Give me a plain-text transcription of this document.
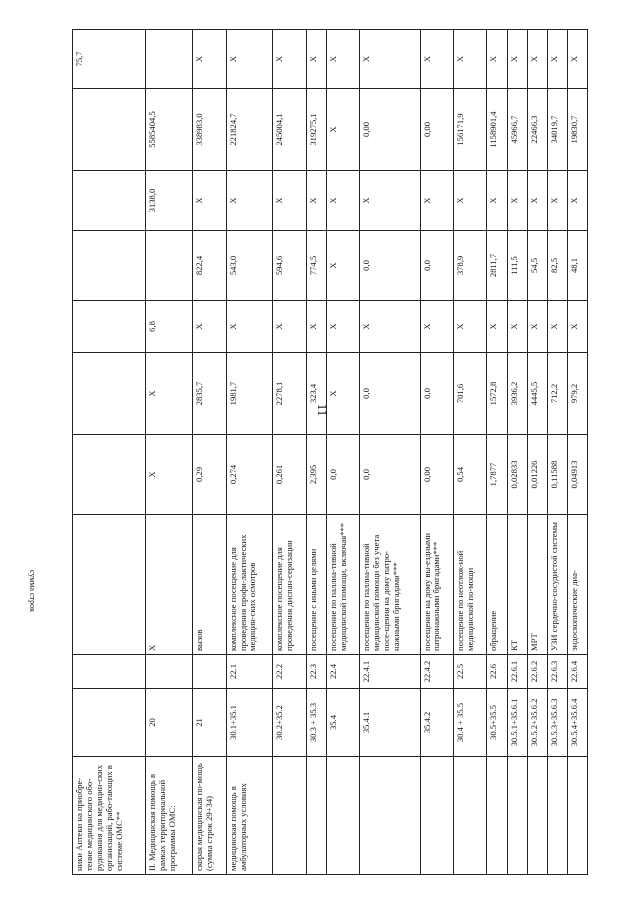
11
сумма строк
ники Аптеки на приобре-тение медицинского обо-рудования для медицин-ских организаций, рабо-тающих в системе ОМС**										75,7
II. Медицинская помощь в рамках территориальной программы ОМС:	20		X	X	X	6,8		3138,0	5585404,5	
скорая медицинская по-мощь (сумма строк 29+34)	21		вызов	0,29	2835,7	X	822,4	X	338983,0	X
медицинская помощь в амбулаторных условиях	30.1+35.1	22.1	комплексное посещение для проведения профи-лактических медицин-ских осмотров	0,274	1981,7	X	543,0	X	221824,7	X
	30.2+35.2	22.2	комплексное посещение для проведения диспан-серизации	0,261	2278,1	X	594,6	X	245004,1	X
	30.3 + 35.3	22.3	посещение с иными целями	2,395	323,4	X	774,5	X	319275,1	X
	35.4	22.4	посещение по паллиа-тивной медицинской помощи, включая***	0,0	X	X	X	X	X	X
	35.4.1	22.4.1	посещение по паллиа-тивной медицинской помощи без учета посе-щения на дому патро-нажными бригадами***	0,0	0,0	X	0,0	X	0,00	X
	35.4.2	22.4.2	посещение на дому вы-ездными патронажными бригадами***	0,00	0,0	X	0,0	X	0,00	X
	30.4 + 35.5	22.5	посещение по неотлож-ной медицинской по-мощи	0,54	701,6	X	378,9	X	156171,9	X
	30.5+35.5	22.6	обращение	1,7877	1572,8	X	2811,7	X	1158901,4	X
	30.5.1+35.6.1	22.6.1	КТ	0,02833	3936,2	X	111,5	X	45966,7	X
	30.5.2+35.6.2	22.6.2	МРТ	0,01226	4445,5	X	54,5	X	22466,3	X
	30.5.3+35.6.3	22.6.3	УЗИ сердечно-сосудистой системы	0,11588	712,2	X	82,5	X	34019,7	X
	30.5.4+35.6.4	22.6.4	эндоскопические диа-	0,04913	979,2	X	48,1	X	19830,7	X
